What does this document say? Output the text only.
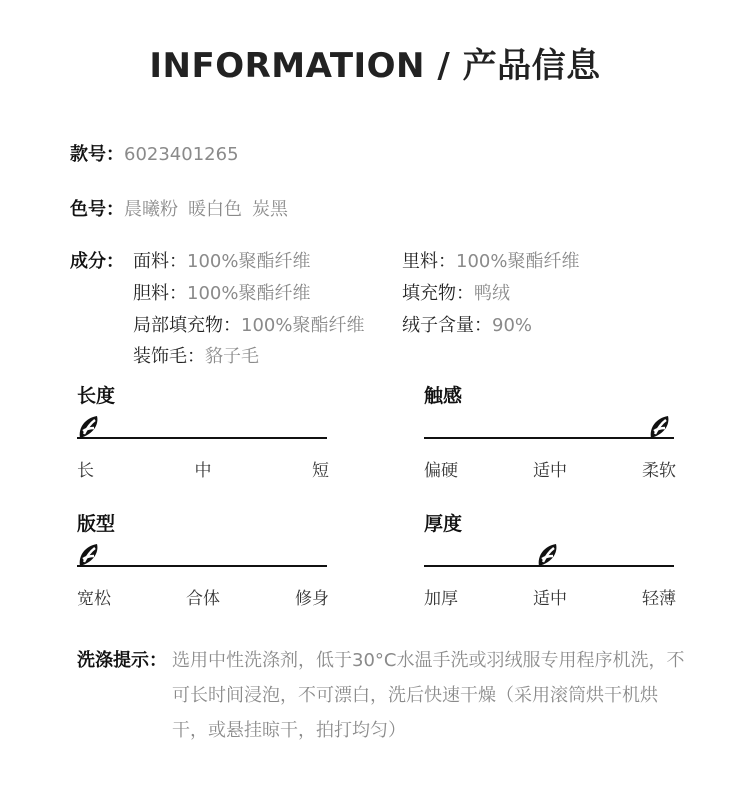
INFORMATION / 产品信息
款号：6023401265
色号：晨曦粉 暖白色 炭黑
成分： 面料：100%聚酯纤维	里料：100%聚酯纤维
胆料：100%聚酯纤维	填充物：鸭绒
局部填充物：100%聚酯纤维 绒子含量：90%
装饰毛：貉子毛
长度
长	中	短
触感
偏硬	适中	柔软
版型
宽松	合体	修身
厚度
加厚	适中	轻薄
洗涤提示： 选用中性洗涤剂，低于30°C水温手洗或羽绒服专用程序机洗，不可长时间浸泡，不可漂白，洗后快速干燥（采用滚筒烘干机烘干，或悬挂晾干，拍打均匀）
